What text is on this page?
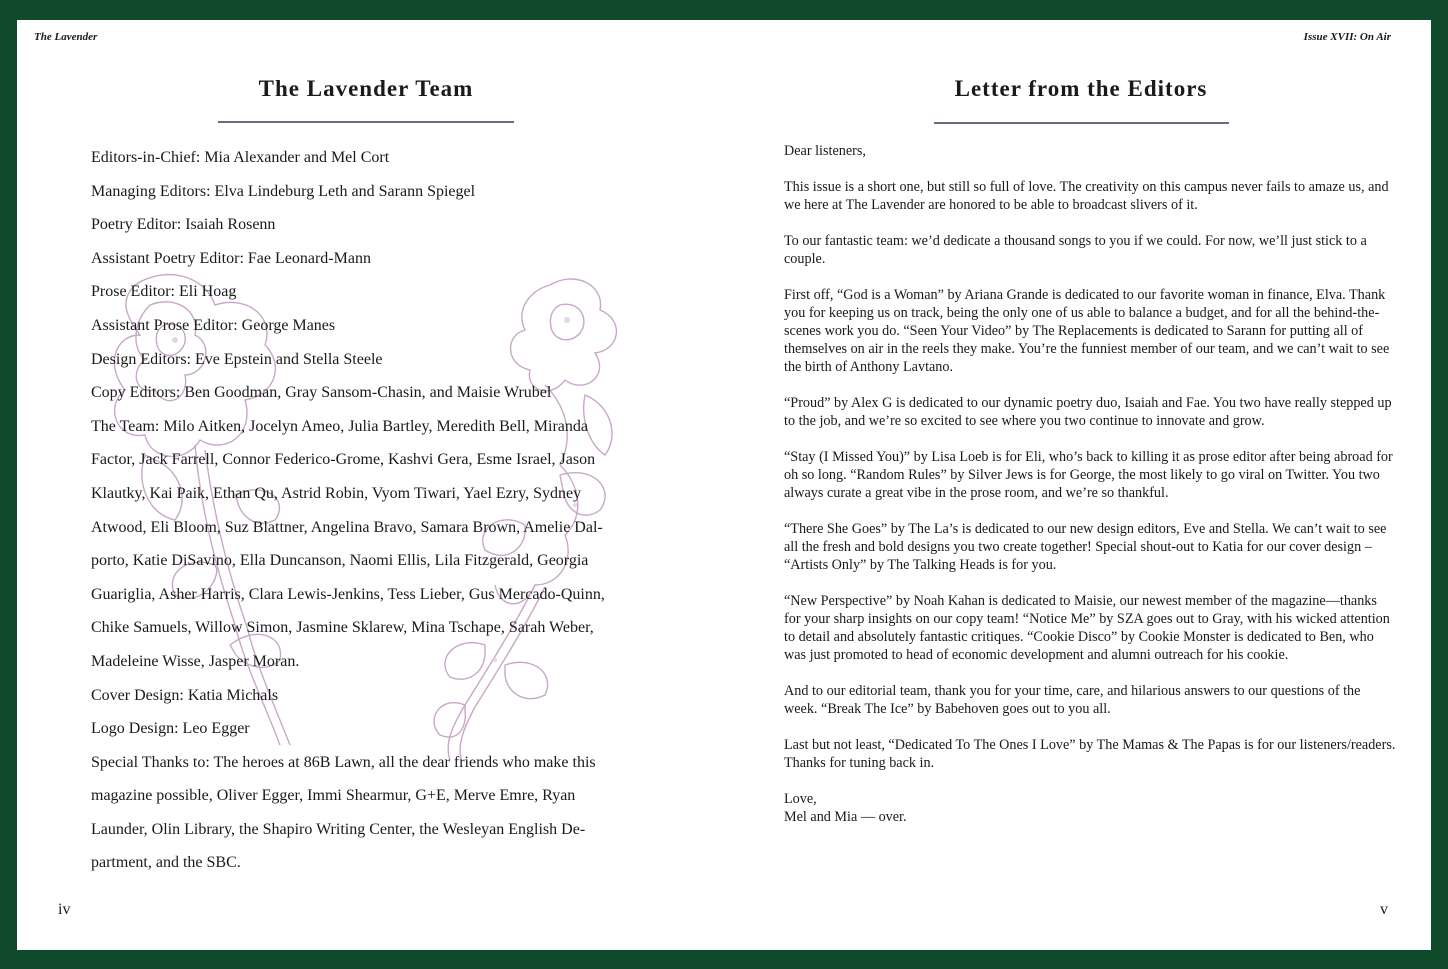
The Lavender	Issue XVII: On Air
The Lavender Team
Editors-in-Chief: Mia Alexander and Mel Cort
Managing Editors: Elva Lindeburg Leth and Sarann Spiegel
Poetry Editor: Isaiah Rosenn
Assistant Poetry Editor: Fae Leonard-Mann
Prose Editor: Eli Hoag
Assistant Prose Editor: George Manes
Design Editors: Eve Epstein and Stella Steele
Copy Editors: Ben Goodman, Gray Sansom-Chasin, and Maisie Wrubel
The Team: Milo Aitken, Jocelyn Ameo, Julia Bartley, Meredith Bell, Miranda
Factor, Jack Farrell, Connor Federico-Grome, Kashvi Gera, Esme Israel, Jason
Klautky, Kai Paik, Ethan Qu, Astrid Robin, Vyom Tiwari, Yael Ezry, Sydney
Atwood, Eli Bloom, Suz Blattner, Angelina Bravo, Samara Brown, Amelie Dal-
porto, Katie DiSavino, Ella Duncanson, Naomi Ellis, Lila Fitzgerald, Georgia
Guariglia, Asher Harris, Clara Lewis-Jenkins, Tess Lieber, Gus Mercado-Quinn,
Chike Samuels, Willow Simon, Jasmine Sklarew, Mina Tschape, Sarah Weber,
Madeleine Wisse, Jasper Moran.
Cover Design: Katia Michals
Logo Design: Leo Egger
Special Thanks to: The heroes at 86B Lawn, all the dear friends who make this
magazine possible, Oliver Egger, Immi Shearmur, G+E, Merve Emre, Ryan
Launder, Olin Library, the Shapiro Writing Center, the Wesleyan English De-
partment, and the SBC.
iv
Letter from the Editors

Dear listeners,

This issue is a short one, but still so full of love. The creativity on this campus never fails to amaze us, and we here at The Lavender are honored to be able to broadcast slivers of it.

To our fantastic team: we’d dedicate a thousand songs to you if we could. For now, we’ll just stick to a couple.

First off, “God is a Woman” by Ariana Grande is dedicated to our favorite woman in finance, Elva. Thank you for keeping us on track, being the only one of us able to balance a budget, and for all the behind-the-scenes work you do. “Seen Your Video” by The Replacements is dedicated to Sarann for putting all of themselves on air in the reels they make. You’re the funniest member of our team, and we can’t wait to see the birth of Anthony Lavtano.

“Proud” by Alex G is dedicated to our dynamic poetry duo, Isaiah and Fae. You two have really stepped up to the job, and we’re so excited to see where you two continue to innovate and grow.

“Stay (I Missed You)” by Lisa Loeb is for Eli, who’s back to killing it as prose editor after being abroad for oh so long. “Random Rules” by Silver Jews is for George, the most likely to go viral on Twitter. You two always curate a great vibe in the prose room, and we’re so thankful.

“There She Goes” by The La’s is dedicated to our new design editors, Eve and Stella. We can’t wait to see all the fresh and bold designs you two create together! Special shout-out to Katia for our cover design – “Artists Only” by The Talking Heads is for you.

“New Perspective” by Noah Kahan is dedicated to Maisie, our newest member of the magazine—thanks for your sharp insights on our copy team! “Notice Me” by SZA goes out to Gray, with his wicked attention to detail and absolutely fantastic critiques. “Cookie Disco” by Cookie Monster is dedicated to Ben, who was just promoted to head of economic development and alumni outreach for his cookie.

And to our editorial team, thank you for your time, care, and hilarious answers to our questions of the week. “Break The Ice” by Babehoven goes out to you all.

Last but not least, “Dedicated To The Ones I Love” by The Mamas & The Papas is for our listeners/readers. Thanks for tuning back in.

Love,

Mel and Mia — over.

v
